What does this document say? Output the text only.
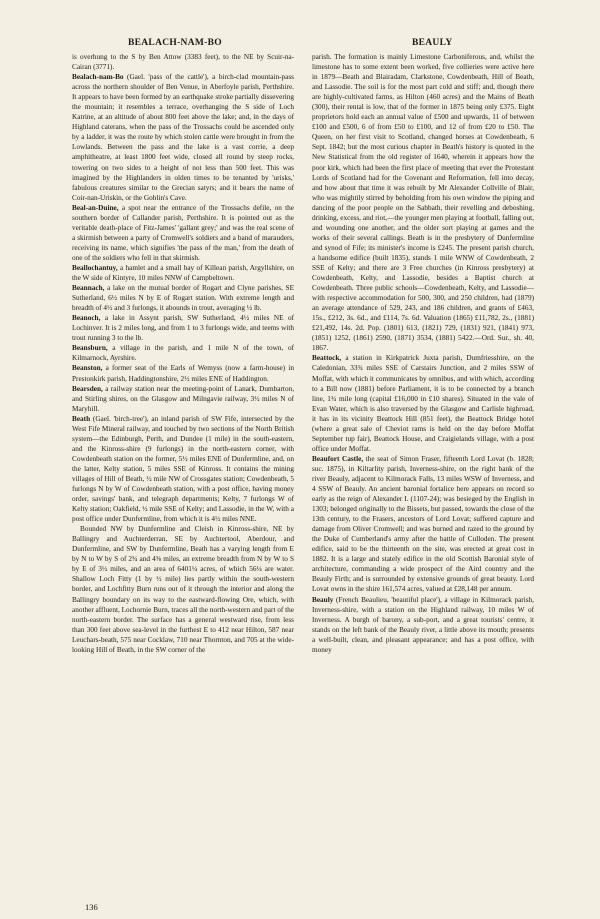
BEALACH-NAM-BO	BEAULY

is overhung to the S by Ben Attow (3383 feet), to the NE by Scuir-na-Cairan (3771).

Bealach-nam-Bo (Gael. 'pass of the cattle'), a birch-clad mountain-pass across the northern shoulder of Ben Venue, in Aberfoyle parish, Perthshire. It appears to have been formed by an earthquake stroke partially dissevering the mountain; it resembles a terrace, overhanging the S side of Loch Katrine, at an altitude of about 800 feet above the lake; and, in the days of Highland caterans, when the pass of the Trossachs could be ascended only by a ladder, it was the route by which stolen cattle were brought in from the Lowlands. Between the pass and the lake is a vast corrie, a deep amphitheatre, at least 1800 feet wide, closed all round by steep rocks, towering on two sides to a height of not less than 500 feet. This was imagined by the Highlanders in olden times to be tenanted by 'urisks,' fabulous creatures similar to the Grecian satyrs; and it bears the name of Coir-nan-Uriskin, or the Goblin's Cave.

Beal-an-Duine, a spot near the entrance of the Trossachs defile, on the southern border of Callander parish, Perthshire. It is pointed out as the veritable death-place of Fitz-James' 'gallant grey;' and was the real scene of a skirmish between a party of Cromwell's soldiers and a band of marauders, receiving its name, which signifies 'the pass of the man,' from the death of one of the soldiers who fell in that skirmish.

Beallochantuy, a hamlet and a small bay of Killean parish, Argyllshire, on the W side of Kintyre, 10 miles NNW of Campbeltown.

Beannach, a lake on the mutual border of Rogart and Clyne parishes, SE Sutherland, 6½ miles N by E of Rogart station. With extreme length and breadth of 4½ and 3 furlongs, it abounds in trout, averaging ½ lb.

Beanoch, a lake in Assynt parish, SW Sutherland, 4½ miles NE of Lochinver. It is 2 miles long, and from 1 to 3 furlongs wide, and teems with trout running 3 to the lb.

Beansburn, a village in the parish, and 1 mile N of the town, of Kilmarnock, Ayrshire.

Beanston, a former seat of the Earls of Wemyss (now a farm-house) in Prestonkirk parish, Haddingtonshire, 2½ miles ENE of Haddington.

Bearsden, a railway station near the meeting-point of Lanark, Dumbarton, and Stirling shires, on the Glasgow and Milngavie railway, 3½ miles N of Maryhill.

Beath (Gael. 'birch-tree'), an inland parish of SW Fife, intersected by the West Fife Mineral railway, and touched by two sections of the North British system—the Edinburgh, Perth, and Dundee (1 mile) in the south-eastern, and the Kinross-shire (9 furlongs) in the north-eastern corner, with Cowdenbeath station on the former, 5½ miles ENE of Dunfermline, and, on the latter, Kelty station, 5 miles SSE of Kinross. It contains the mining villages of Hill of Beath, ½ mile NW of Crossgates station; Cowdenbeath, 5 furlongs N by W of Cowdenbeath station, with a post office, having money order, savings' bank, and telegraph departments; Kelty, 7 furlongs W of Kelty station; Oakfield, ½ mile SSE of Kelty; and Lassodie, in the W, with a post office under Dunfermline, from which it is 4½ miles NNE.

Bounded NW by Dunfermline and Cleish in Kinross-shire, NE by Ballingry and Auchterderran, SE by Auchtertool, Aberdour, and Dunfermline, and SW by Dunfermline, Beath has a varying length from E by N to W by S of 2¾ and 4⅝ miles, an extreme breadth from N by W to S by E of 3½ miles, and an area of 6401¼ acres, of which 56¼ are water. Shallow Loch Fitty (1 by ½ mile) lies partly within the south-western border, and Lochfitty Burn runs out of it through the interior and along the Ballingry boundary on its way to the eastward-flowing Ore, which, with another affluent, Lochornie Burn, traces all the north-western and part of the north-eastern border. The surface has a general westward rise, from less than 300 feet above sea-level in the furthest E to 412 near Hilton, 587 near Leuchars-beath, 575 near Cocklaw, 710 near Thornton, and 705 at the wide-looking Hill of Beath, in the SW corner of the

parish. The formation is mainly Limestone Carboniferous, and, whilst the limestone has to some extent been worked, five collieries were active here in 1879—Beath and Blairadam, Clarkstone, Cowdenbeath, Hill of Beath, and Lassodie. The soil is for the most part cold and stiff; and, though there are highly-cultivated farms, as Hilton (460 acres) and the Mains of Beath (300), their rental is low, that of the former in 1875 being only £375. Eight proprietors hold each an annual value of £500 and upwards, 11 of between £100 and £500, 6 of from £50 to £100, and 12 of from £20 to £50. The Queen, on her first visit to Scotland, changed horses at Cowdenbeath, 6 Sept. 1842; but the most curious chapter in Beath's history is quoted in the New Statistical from the old register of 1640, wherein it appears how the poor kirk, which had been the first place of meeting that ever the Protestant Lords of Scotland had for the Covenant and Reformation, fell into decay, and how about that time it was rebuilt by Mr Alexander Collville of Blair, who was mightily stirred by beholding from his own window the piping and dancing of the poor people on the Sabbath, their revelling and deboshing, drinking, excess, and riot,—the younger men playing at football, falling out, and wounding one another, and the older sort playing at games and the works of their several callings. Beath is in the presbytery of Dunfermline and synod of Fife; its minister's income is £245. The present parish church, a handsome edifice (built 1835), stands 1 mile WNW of Cowdenbeath, 2 SSE of Kelty; and there are 3 Free churches (in Kinross presbytery) at Cowdenbeath, Kelty, and Lassodie, besides a Baptist church at Cowdenbeath. Three public schools—Cowdenbeath, Kelty, and Lassodie—with respective accommodation for 500, 300, and 250 children, had (1879) an average attendance of 529, 243, and 186 children, and grants of £463, 15s., £212, 3s. 6d., and £114, 7s. 6d. Valuation (1865) £11,782, 2s., (1881) £21,492, 14s. 2d. Pop. (1801) 613, (1821) 729, (1831) 921, (1841) 973, (1851) 1252, (1861) 2590, (1871) 3534, (1881) 5422.—Ord. Sur., sh. 40, 1867.

Beattock, a station in Kirkpatrick Juxta parish, Dumfriesshire, on the Caledonian, 33¾ miles SSE of Carstairs Junction, and 2 miles SSW of Moffat, with which it communicates by omnibus, and with which, according to a Bill now (1881) before Parliament, it is to be connected by a branch line, 1¾ mile long (capital £16,000 in £10 shares). Situated in the vale of Evan Water, which is also traversed by the Glasgow and Carlisle highroad, it has in its vicinity Beattock Hill (851 feet), the Beattock Bridge hotel (where a great sale of Cheviot rams is held on the day before Moffat September tup fair), Beattock House, and Craigielands village, with a post office under Moffat.

Beaufort Castle, the seat of Simon Fraser, fifteenth Lord Lovat (b. 1828; suc. 1875), in Kiltarlity parish, Inverness-shire, on the right bank of the river Beauly, adjacent to Kilmorack Falls, 13 miles WSW of Inverness, and 4 SSW of Beauly. An ancient baronial fortalice here appears on record so early as the reign of Alexander I. (1107-24); was besieged by the English in 1303; belonged originally to the Bissets, but passed, towards the close of the 13th century, to the Frasers, ancestors of Lord Lovat; suffered capture and damage from Oliver Cromwell; and was burned and razed to the ground by the Duke of Cumberland's army after the battle of Culloden. The present edifice, said to be the thirteenth on the site, was erected at great cost in 1882. It is a large and stately edifice in the old Scottish Baronial style of architecture, commanding a wide prospect of the Aird country and the Beauly Firth; and is surrounded by extensive grounds of great beauty. Lord Lovat owns in the shire 161,574 acres, valued at £28,148 per annum.

Beauly (French Beaulieu, 'beautiful place'), a village in Kilmorack parish, Inverness-shire, with a station on the Highland railway, 10 miles W of Inverness. A burgh of barony, a sub-port, and a great tourists' centre, it stands on the left bank of the Beauly river, a little above its mouth; presents a well-built, clean, and pleasant appearance; and has a post office, with money

136
